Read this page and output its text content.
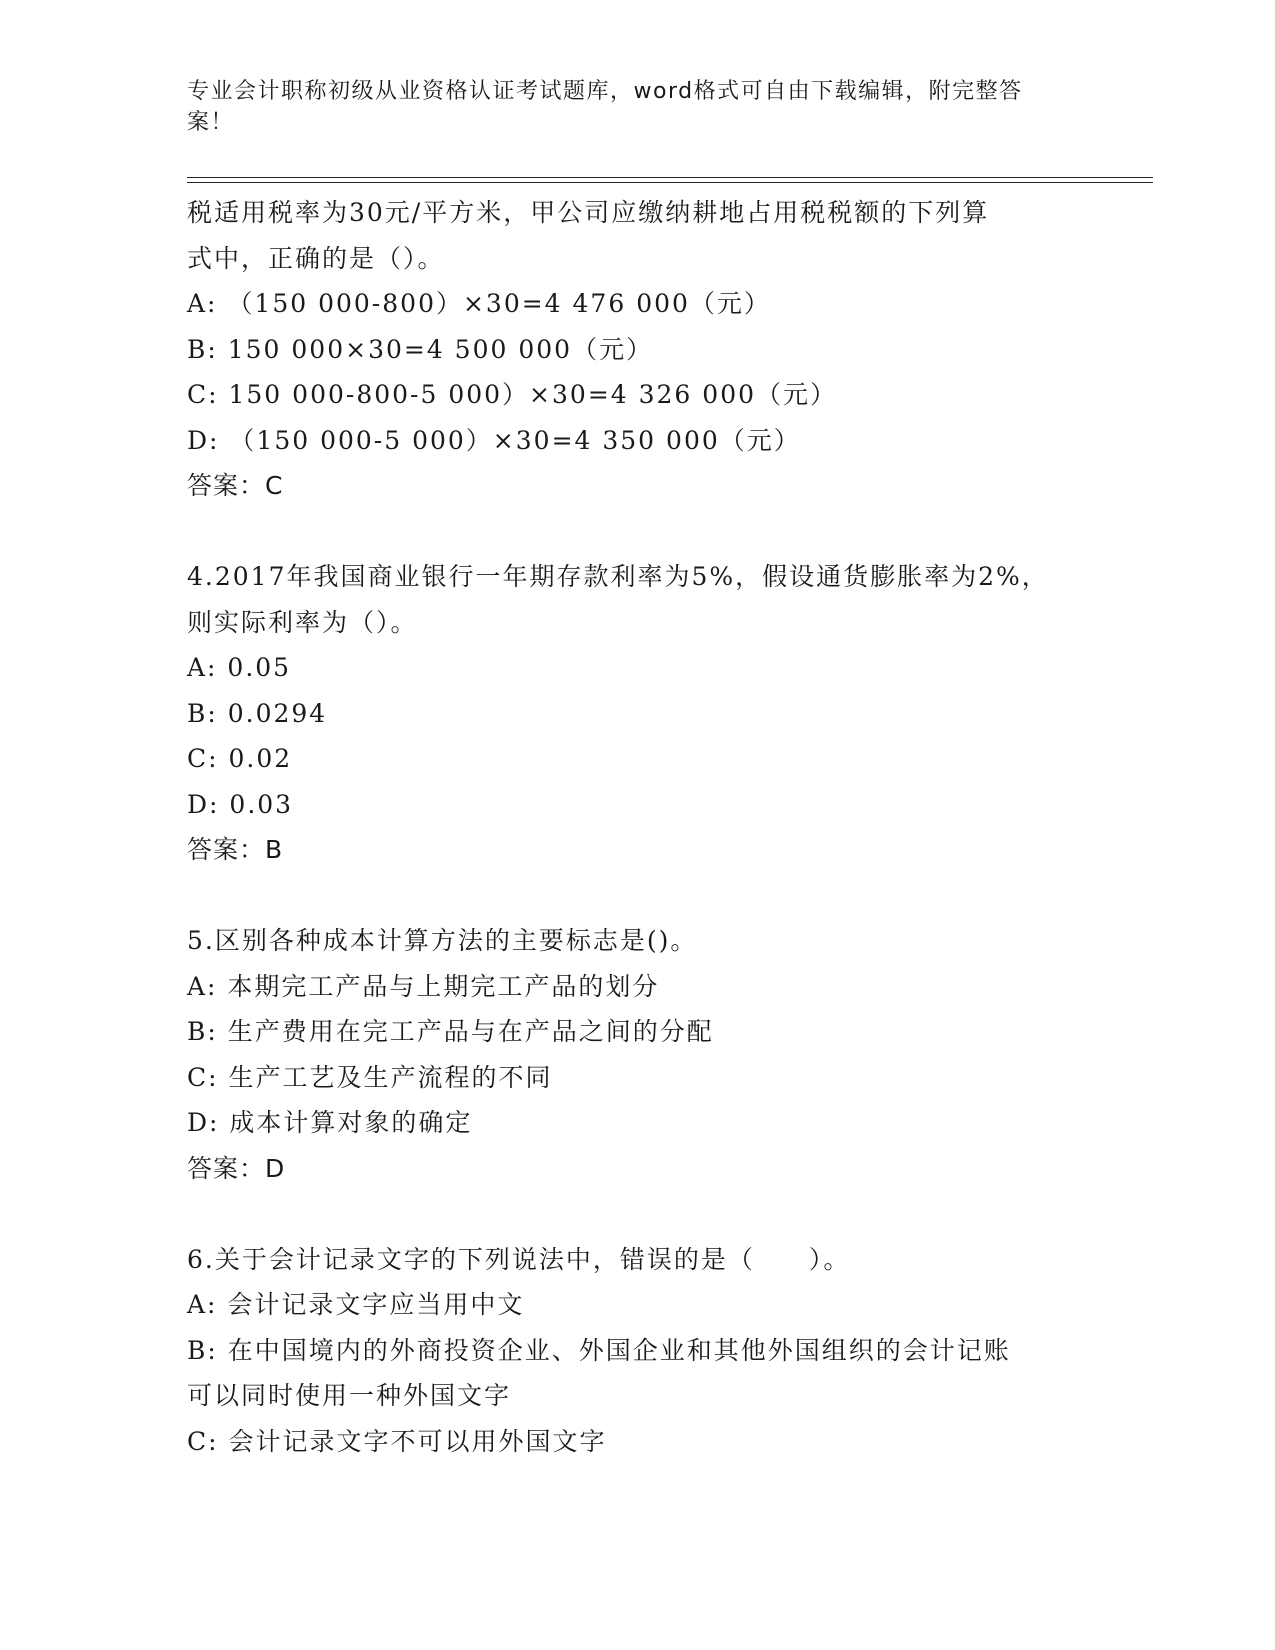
专业会计职称初级从业资格认证考试题库，word格式可自由下载编辑，附完整答
案！
税适用税率为30元/平方米，甲公司应缴纳耕地占用税税额的下列算
式中，正确的是（）。
A: （150 000-800）×30=4 476 000（元）
B: 150 000×30=4 500 000（元）
C: 150 000-800-5 000）×30=4 326 000（元）
D: （150 000-5 000）×30=4 350 000（元）
答案：C
4.2017年我国商业银行一年期存款利率为5%，假设通货膨胀率为2%，
则实际利率为（）。
A: 0.05
B: 0.0294
C: 0.02
D: 0.03
答案：B
5.区别各种成本计算方法的主要标志是()。
A: 本期完工产品与上期完工产品的划分
B: 生产费用在完工产品与在产品之间的分配
C: 生产工艺及生产流程的不同
D: 成本计算对象的确定
答案：D
6.关于会计记录文字的下列说法中，错误的是（　　）。
A: 会计记录文字应当用中文
B: 在中国境内的外商投资企业、外国企业和其他外国组织的会计记账
可以同时使用一种外国文字
C: 会计记录文字不可以用外国文字
